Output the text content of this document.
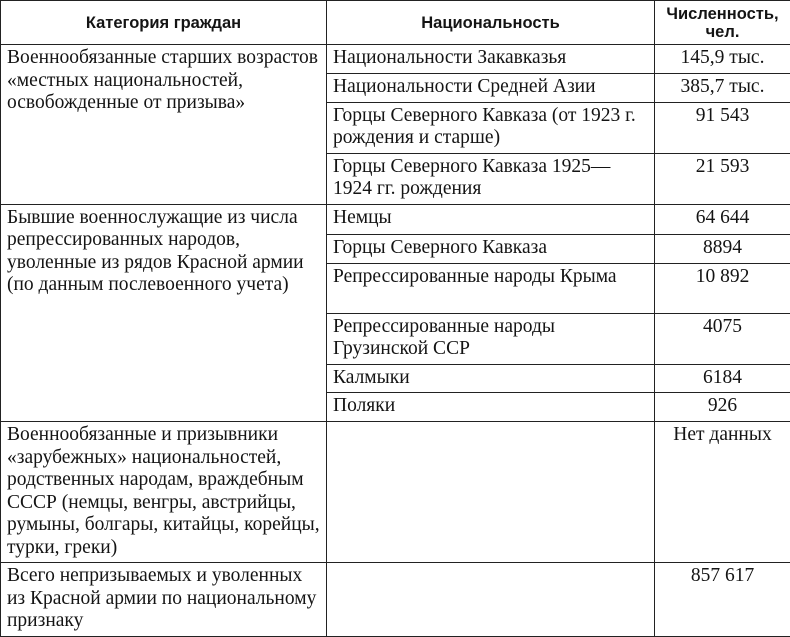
Категория граждан	Национальность	Численность, чел.
Военнообязанные старших возрастов «местных национальностей, освобожденные от призыва»	Национальности Закавказья	145,9 тыс.
	Национальности Средней Азии	385,7 тыс.
	Горцы Северного Кавказа (от 1923 г. рождения и старше)	91 543
	Горцы Северного Кавказа 1925—1924 гг. рождения	21 593
Бывшие военнослужащие из числа репрессированных народов, уволенные из рядов Красной армии (по данным послевоенного учета)	Немцы	64 644
	Горцы Северного Кавказа	8894
	Репрессированные народы Крыма	10 892
	Репрессированные народы Грузинской ССР	4075
	Калмыки	6184
	Поляки	926
Военнообязанные и призывники «зарубежных» национальностей, родственных народам, враждебным СССР (немцы, венгры, австрийцы, румыны, болгары, китайцы, корейцы, турки, греки)		Нет данных
Всего непризываемых и уволенных из Красной армии по национальному признаку		857 617
